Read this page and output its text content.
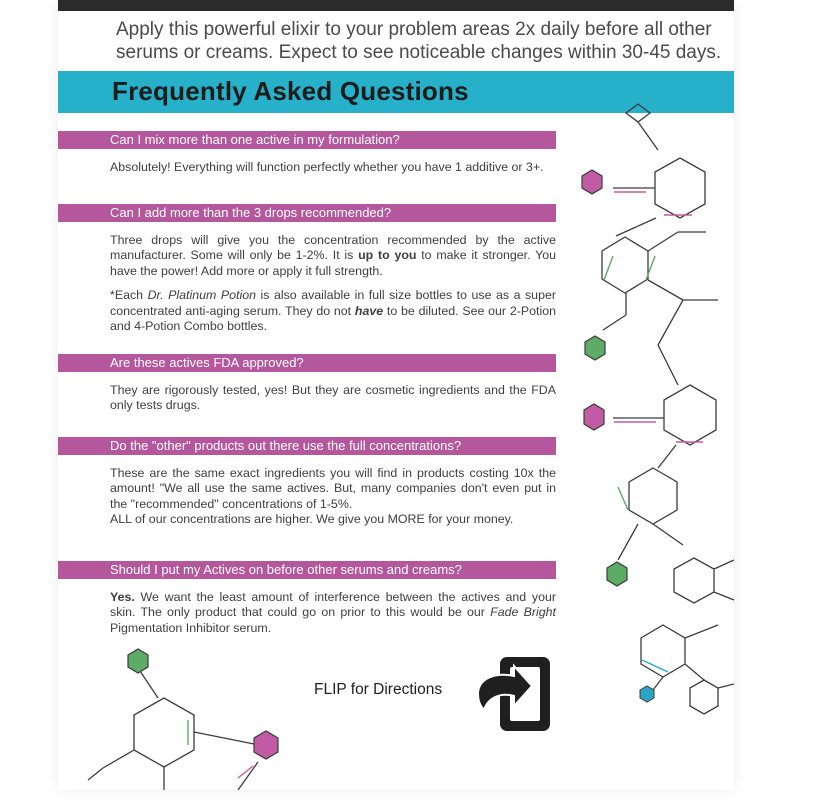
Apply this powerful elixir to your problem areas 2x daily before all other serums or creams. Expect to see noticeable changes within 30-45 days.
Frequently Asked Questions
Can I mix more than one active in my formulation?

Absolutely! Everything will function perfectly whether you have 1 additive or 3+.

Can I add more than the 3 drops recommended?

Three drops will give you the concentration recommended by the active manufacturer. Some will only be 1-2%. It is up to you to make it stronger. You have the power! Add more or apply it full strength.

*Each Dr. Platinum Potion is also available in full size bottles to use as a super concentrated anti-aging serum. They do not have to be diluted. See our 2-Potion and 4-Potion Combo bottles.

Are these actives FDA approved?

They are rigorously tested, yes! But they are cosmetic ingredients and the FDA only tests drugs.

Do the "other" products out there use the full concentrations?

These are the same exact ingredients you will find in products costing 10x the amount! "We all use the same actives. But, many companies don't even put in the "recommended" concentrations of 1-5%.

ALL of our concentrations are higher. We give you MORE for your money.

Should I put my Actives on before other serums and creams?

Yes. We want the least amount of interference between the actives and your skin. The only product that could go on prior to this would be our Fade Bright Pigmentation Inhibitor serum.

FLIP for Directions
